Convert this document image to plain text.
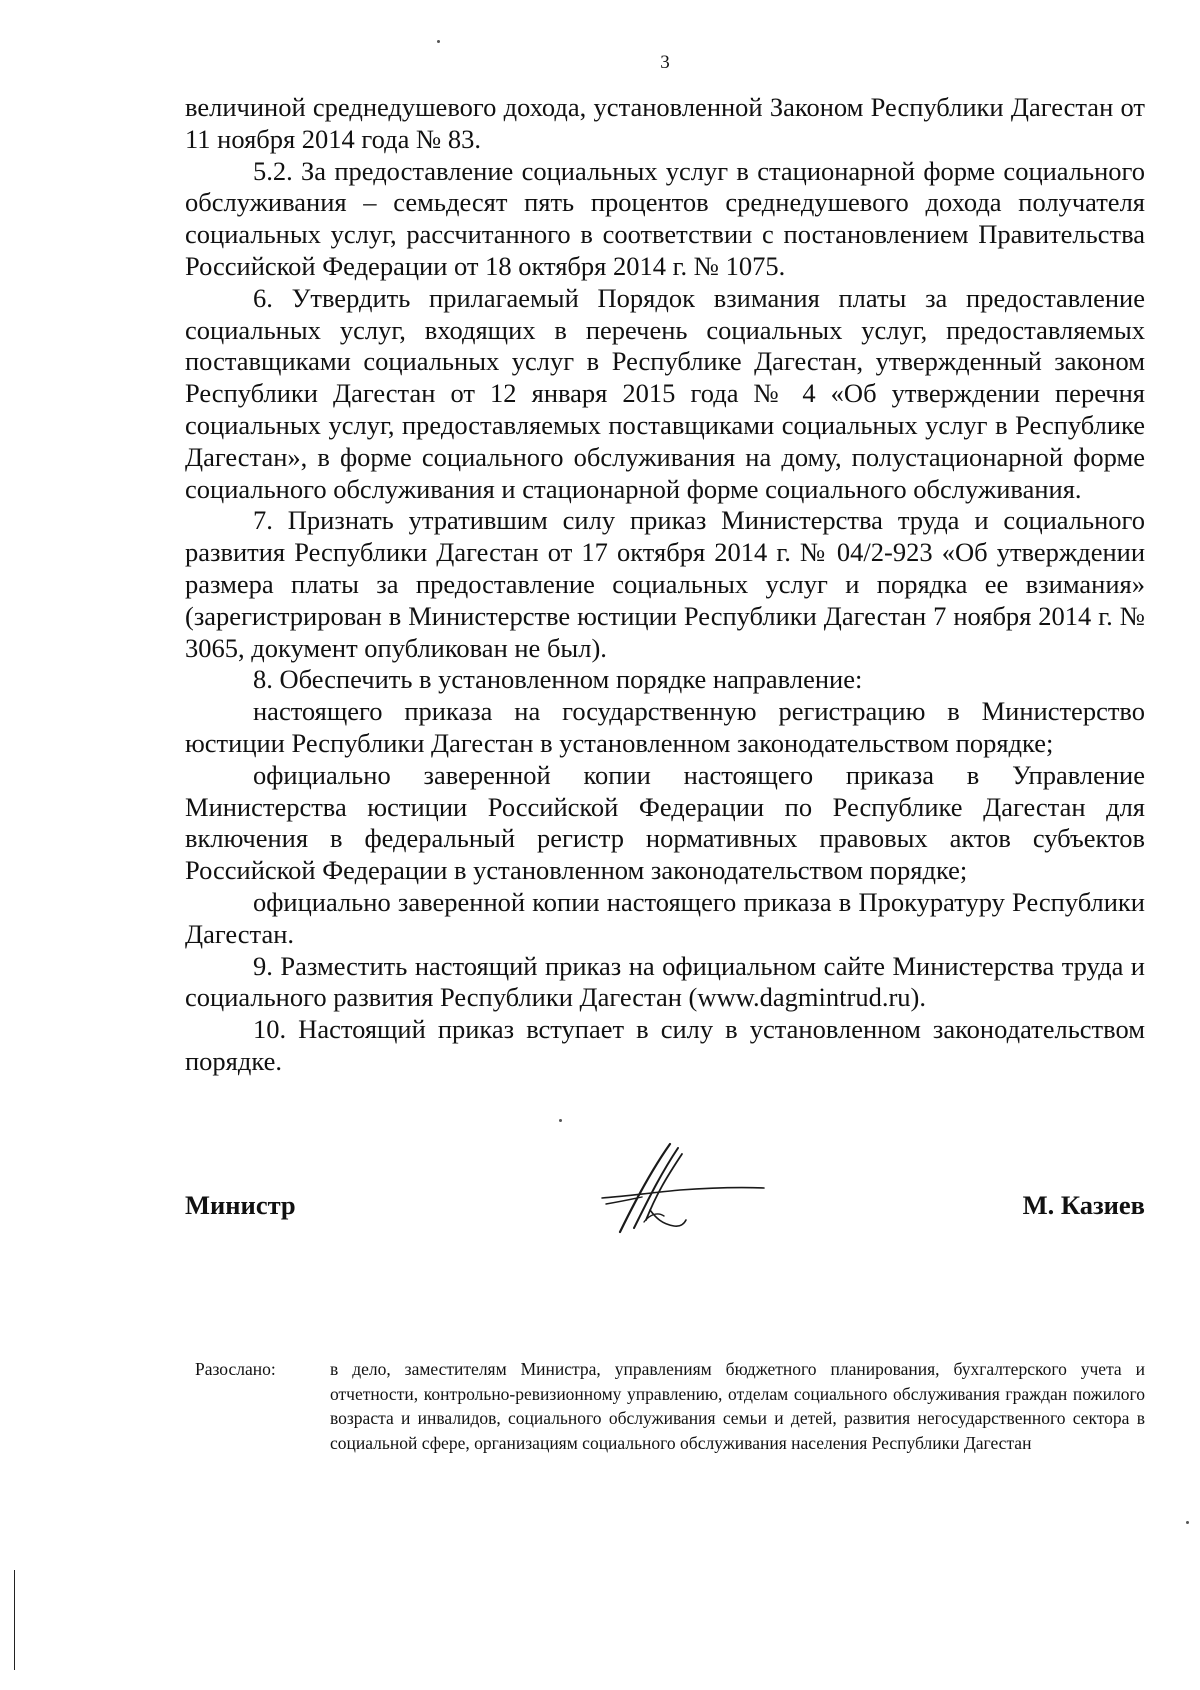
3

величиной среднедушевого дохода, установленной Законом Республики Дагестан от 11 ноября 2014 года № 83.

5.2. За предоставление социальных услуг в стационарной форме социального обслуживания – семьдесят пять процентов среднедушевого дохода получателя социальных услуг, рассчитанного в соответствии с постановлением Правительства Российской Федерации от 18 октября 2014 г. № 1075.

6. Утвердить прилагаемый Порядок взимания платы за предоставление социальных услуг, входящих в перечень социальных услуг, предоставляемых поставщиками социальных услуг в Республике Дагестан, утвержденный законом Республики Дагестан от 12 января 2015 года № 4 «Об утверждении перечня социальных услуг, предоставляемых поставщиками социальных услуг в Республике Дагестан», в форме социального обслуживания на дому, полустационарной форме социального обслуживания и стационарной форме социального обслуживания.

7. Признать утратившим силу приказ Министерства труда и социального развития Республики Дагестан от 17 октября 2014 г. № 04/2-923 «Об утверждении размера платы за предоставление социальных услуг и порядка ее взимания» (зарегистрирован в Министерстве юстиции Республики Дагестан 7 ноября 2014 г. № 3065, документ опубликован не был).

8. Обеспечить в установленном порядке направление:

настоящего приказа на государственную регистрацию в Министерство юстиции Республики Дагестан в установленном законодательством порядке;

официально заверенной копии настоящего приказа в Управление Министерства юстиции Российской Федерации по Республике Дагестан для включения в федеральный регистр нормативных правовых актов субъектов Российской Федерации в установленном законодательством порядке;

официально заверенной копии настоящего приказа в Прокуратуру Республики Дагестан.

9. Разместить настоящий приказ на официальном сайте Министерства труда и социального развития Республики Дагестан (www.dagmintrud.ru).

10. Настоящий приказ вступает в силу в установленном законодательством порядке.

Министр	М. Казиев
Разослано:	в дело, заместителям Министра, управлениям бюджетного планирования, бухгалтерского учета и отчетности, контрольно-ревизионному управлению, отделам социального обслуживания граждан пожилого возраста и инвалидов, социального обслуживания семьи и детей, развития негосударственного сектора в социальной сфере, организациям социального обслуживания населения Республики Дагестан
